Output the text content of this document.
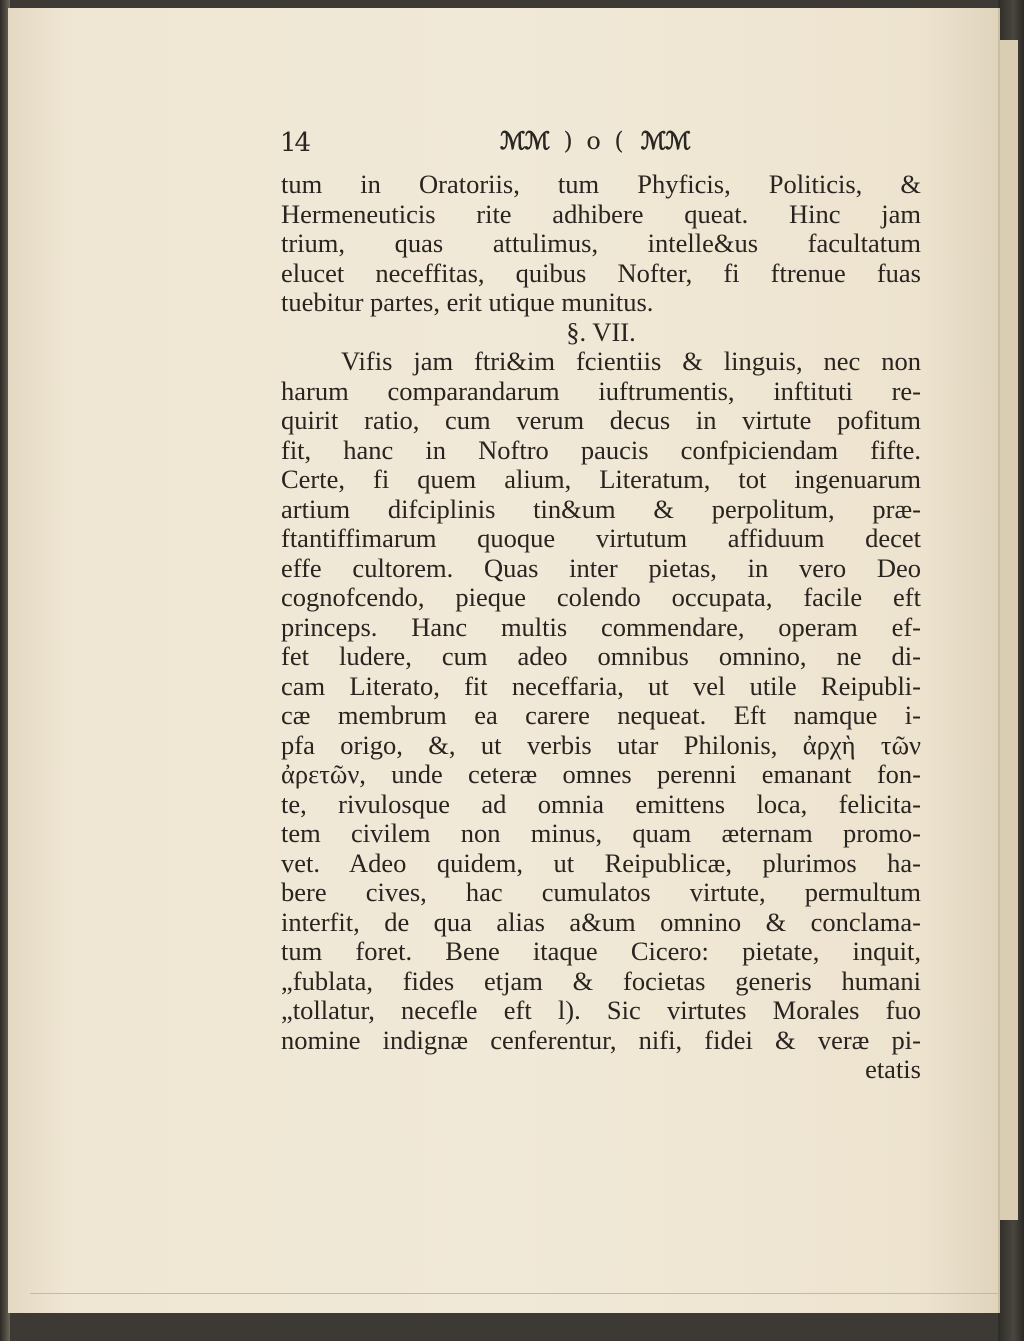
14	ℳℳ ) o ( ℳℳ
tum in Oratoriis, tum Phyficis, Politicis, &
Hermeneuticis rite adhibere queat. Hinc jam
trium, quas attulimus, intelle&us facultatum
elucet neceffitas, quibus Nofter, fi ftrenue fuas
tuebitur partes, erit utique munitus.
§. VII.
Vifis jam ftri&im fcientiis & linguis, nec non
harum comparandarum iuftrumentis, inftituti re-
quirit ratio, cum verum decus in virtute pofitum
fit, hanc in Noftro paucis confpiciendam fifte.
Certe, fi quem alium, Literatum, tot ingenuarum
artium difciplinis tin&um & perpolitum, præ-
ftantiffimarum quoque virtutum affiduum decet
effe cultorem. Quas inter pietas, in vero Deo
cognofcendo, pieque colendo occupata, facile eft
princeps. Hanc multis commendare, operam ef-
fet ludere, cum adeo omnibus omnino, ne di-
cam Literato, fit neceffaria, ut vel utile Reipubli-
cæ membrum ea carere nequeat. Eft namque i-
pfa origo, &, ut verbis utar Philonis, ἀρχὴ τῶν
ἀρετῶν, unde ceteræ omnes perenni emanant fon-
te, rivulosque ad omnia emittens loca, felicita-
tem civilem non minus, quam æternam promo-
vet. Adeo quidem, ut Reipublicæ, plurimos ha-
bere cives, hac cumulatos virtute, permultum
interfit, de qua alias a&um omnino & conclama-
tum foret. Bene itaque Cicero: pietate, inquit,
„fublata, fides etjam & focietas generis humani
„tollatur, necefle eft l). Sic virtutes Morales fuo
nomine indignæ cenferentur, nifi, fidei & veræ pi-
etatis
